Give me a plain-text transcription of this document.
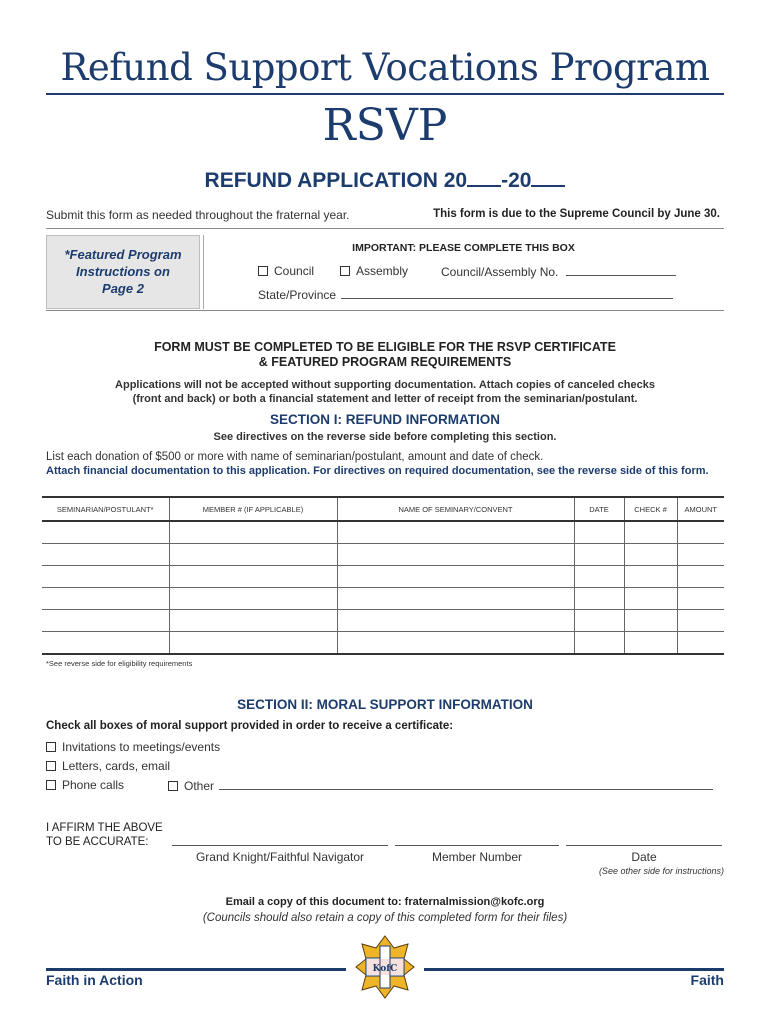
Refund Support Vocations Program
RSVP
REFUND APPLICATION 20 -20
Submit this form as needed throughout the fraternal year.	This form is due to the Supreme Council by June 30.
*Featured Program
Instructions on
Page 2
IMPORTANT: PLEASE COMPLETE THIS BOX
Council	Assembly	Council/Assembly No.
State/Province
FORM MUST BE COMPLETED TO BE ELIGIBLE FOR THE RSVP CERTIFICATE
& FEATURED PROGRAM REQUIREMENTS
Applications will not be accepted without supporting documentation. Attach copies of canceled checks
(front and back) or both a financial statement and letter of receipt from the seminarian/postulant.
SECTION I: REFUND INFORMATION
See directives on the reverse side before completing this section.
List each donation of $500 or more with name of seminarian/postulant, amount and date of check.
Attach financial documentation to this application. For directives on required documentation, see the reverse side of this form.
SEMINARIAN/POSTULANT*	MEMBER # (IF APPLICABLE)	NAME OF SEMINARY/CONVENT	DATE	CHECK #	AMOUNT

*See reverse side for eligibility requirements
SECTION II: MORAL SUPPORT INFORMATION
Check all boxes of moral support provided in order to receive a certificate:
Invitations to meetings/events
Letters, cards, email
Phone calls	Other
I AFFIRM THE ABOVE
TO BE ACCURATE:
Grand Knight/Faithful Navigator	Member Number	Date
(See other side for instructions)
Email a copy of this document to: fraternalmission@kofc.org
(Councils should also retain a copy of this completed form for their files)
Faith in Action	Faith
KofC
